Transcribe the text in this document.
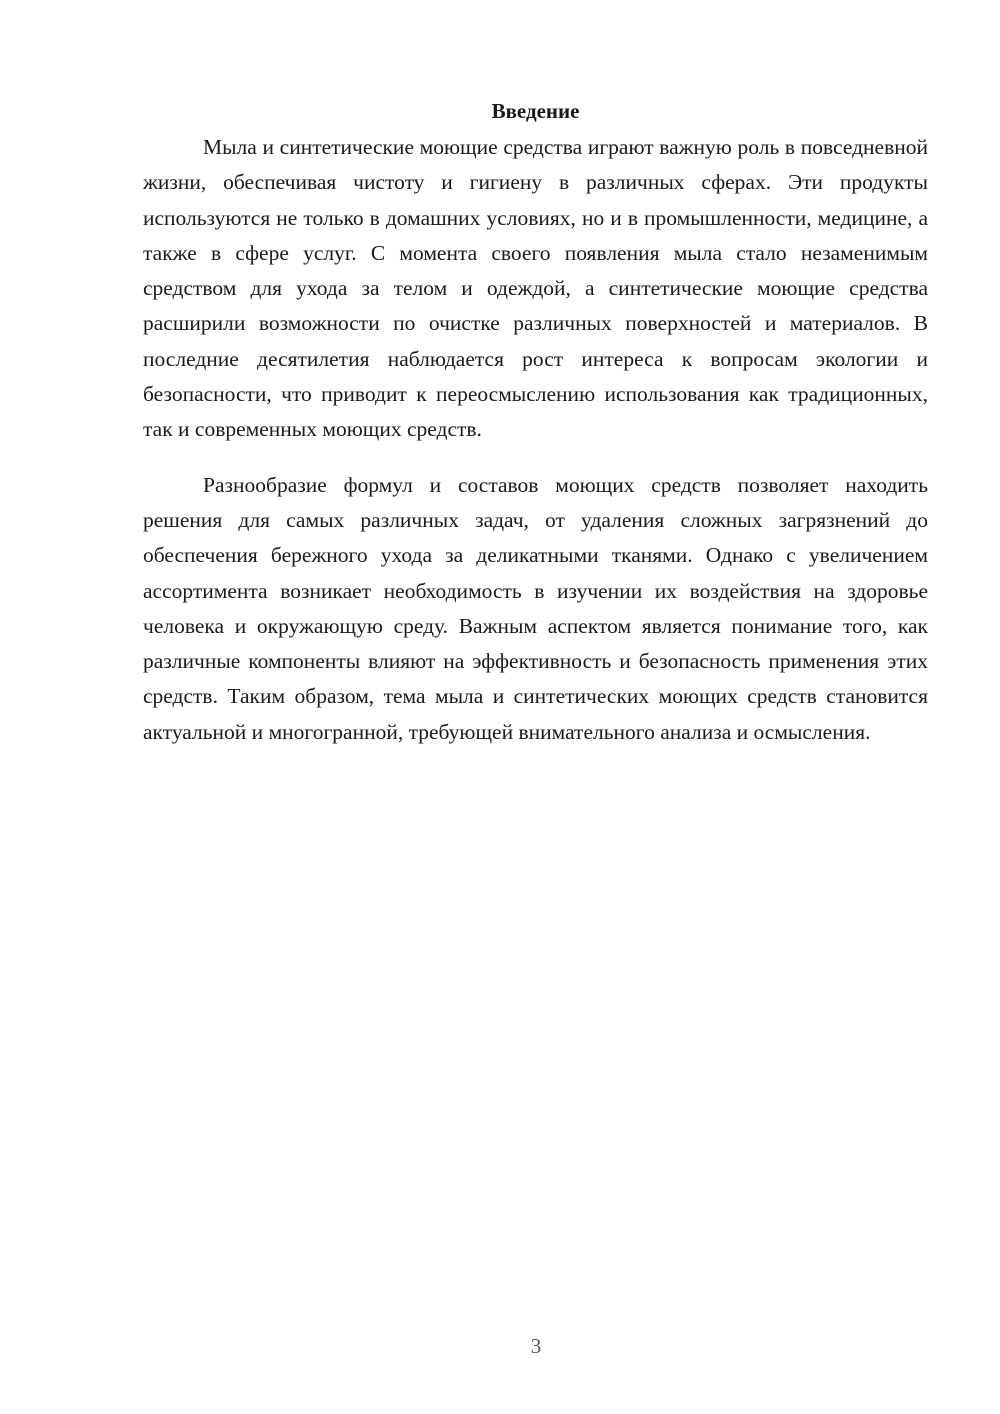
Введение

Мыла и синтетические моющие средства играют важную роль в повседневной жизни, обеспечивая чистоту и гигиену в различных сферах. Эти продукты используются не только в домашних условиях, но и в промышленности, медицине, а также в сфере услуг. С момента своего появления мыла стало незаменимым средством для ухода за телом и одеждой, а синтетические моющие средства расширили возможности по очистке различных поверхностей и материалов. В последние десятилетия наблюдается рост интереса к вопросам экологии и безопасности, что приводит к переосмыслению использования как традиционных, так и современных моющих средств.

Разнообразие формул и составов моющих средств позволяет находить решения для самых различных задач, от удаления сложных загрязнений до обеспечения бережного ухода за деликатными тканями. Однако с увеличением ассортимента возникает необходимость в изучении их воздействия на здоровье человека и окружающую среду. Важным аспектом является понимание того, как различные компоненты влияют на эффективность и безопасность применения этих средств. Таким образом, тема мыла и синтетических моющих средств становится актуальной и многогранной, требующей внимательного анализа и осмысления.

3
